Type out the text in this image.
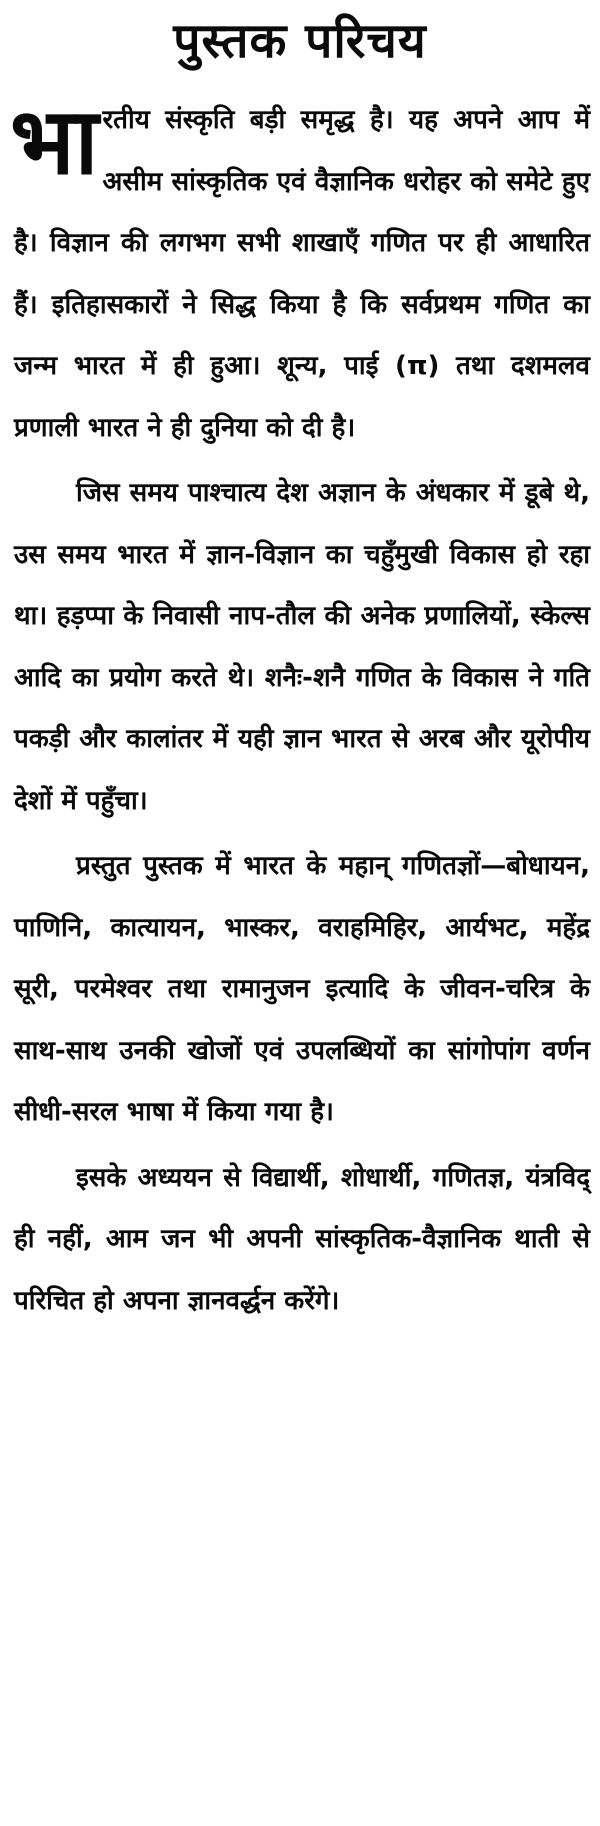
पुस्तक परिचय

भारतीय संस्कृति बड़ी समृद्ध है। यह अपने आप में असीम सांस्कृतिक एवं वैज्ञानिक धरोहर को समेटे हुए है। विज्ञान की लगभग सभी शाखाएँ गणित पर ही आधारित हैं। इतिहासकारों ने सिद्ध किया है कि सर्वप्रथम गणित का जन्म भारत में ही हुआ। शून्य, पाई (π) तथा दशमलव प्रणाली भारत ने ही दुनिया को दी है।

जिस समय पाश्चात्य देश अज्ञान के अंधकार में डूबे थे, उस समय भारत में ज्ञान-विज्ञान का चहुँमुखी विकास हो रहा था। हड़प्पा के निवासी नाप-तौल की अनेक प्रणालियों, स्केल्स आदि का प्रयोग करते थे। शनैः-शनै गणित के विकास ने गति पकड़ी और कालांतर में यही ज्ञान भारत से अरब और यूरोपीय देशों में पहुँचा।

प्रस्तुत पुस्तक में भारत के महान् गणितज्ञों—बोधायन, पाणिनि, कात्यायन, भास्कर, वराहमिहिर, आर्यभट, महेंद्र सूरी, परमेश्वर तथा रामानुजन इत्यादि के जीवन-चरित्र के साथ-साथ उनकी खोजों एवं उपलब्धियों का सांगोपांग वर्णन सीधी-सरल भाषा में किया गया है।

इसके अध्ययन से विद्यार्थी, शोधार्थी, गणितज्ञ, यंत्रविद् ही नहीं, आम जन भी अपनी सांस्कृतिक-वैज्ञानिक थाती से परिचित हो अपना ज्ञानवर्द्धन करेंगे।
